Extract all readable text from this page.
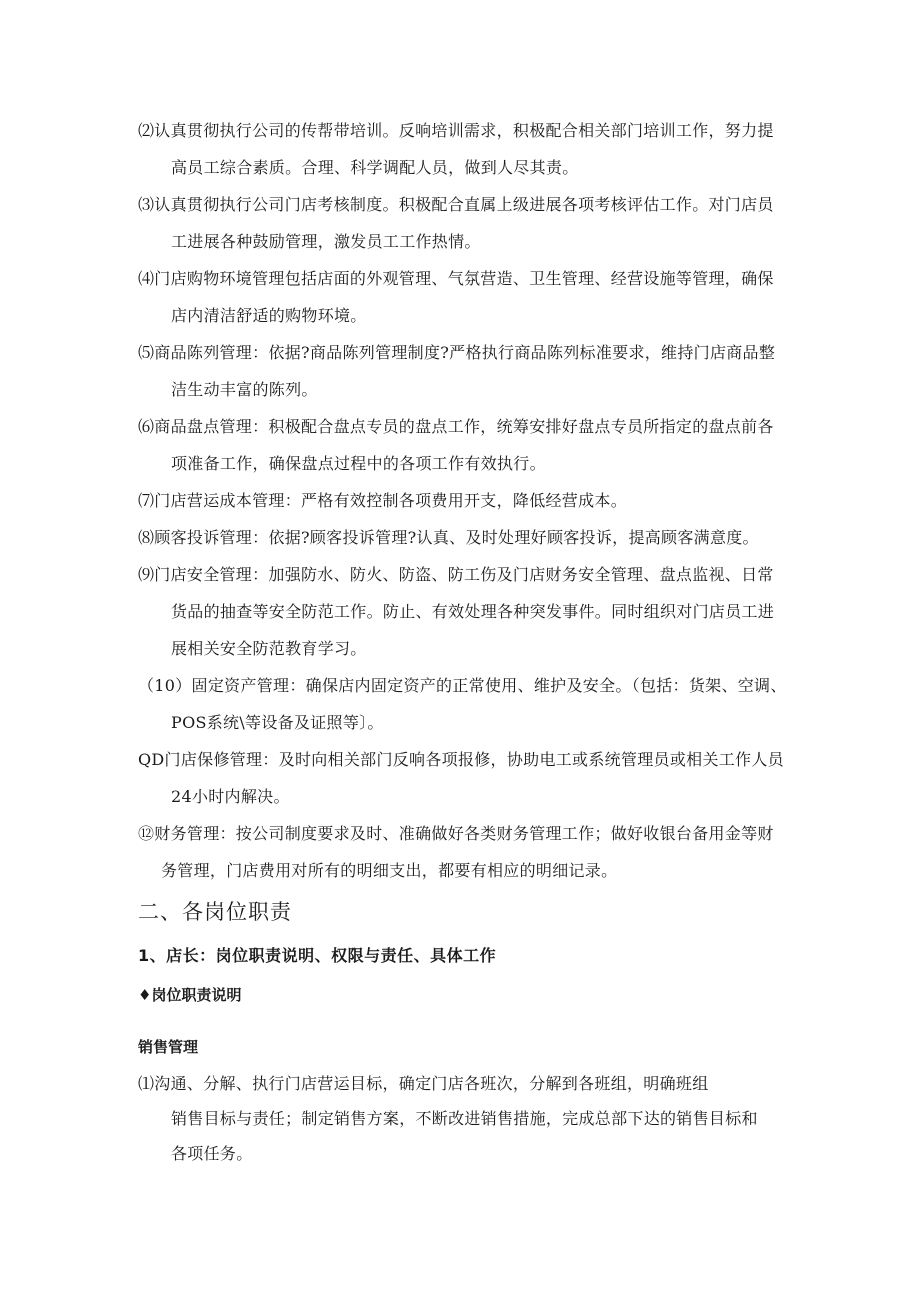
⑵认真贯彻执行公司的传帮带培训。反响培训需求，积极配合相关部门培训工作，努力提高员工综合素质。合理、科学调配人员，做到人尽其责。

⑶认真贯彻执行公司门店考核制度。积极配合直属上级进展各项考核评估工作。对门店员工进展各种鼓励管理，激发员工工作热情。

⑷门店购物环境管理包括店面的外观管理、气氛营造、卫生管理、经营设施等管理，确保店内清洁舒适的购物环境。

⑸商品陈列管理：依据?商品陈列管理制度?严格执行商品陈列标准要求，维持门店商品整洁生动丰富的陈列。

⑹商品盘点管理：积极配合盘点专员的盘点工作，统筹安排好盘点专员所指定的盘点前各项准备工作，确保盘点过程中的各项工作有效执行。

⑺门店营运成本管理：严格有效控制各项费用开支，降低经营成本。

⑻顾客投诉管理：依据?顾客投诉管理?认真、及时处理好顾客投诉，提高顾客满意度。

⑼门店安全管理：加强防水、防火、防盗、防工伤及门店财务安全管理、盘点监视、日常货品的抽查等安全防范工作。防止、有效处理各种突发事件。同时组织对门店员工进展相关安全防范教育学习。

（10）固定资产管理：确保店内固定资产的正常使用、维护及安全。（包括：货架、空调、POS系统\等设备及证照等〕。

QD门店保修管理：及时向相关部门反响各项报修，协助电工或系统管理员或相关工作人员24小时内解决。

⑫财务管理：按公司制度要求及时、准确做好各类财务管理工作；做好收银台备用金等财务管理，门店费用对所有的明细支出，都要有相应的明细记录。

二、各岗位职责
1、店长：岗位职责说明、权限与责任、具体工作
♦岗位职责说明
销售管理

⑴沟通、分解、执行门店营运目标，确定门店各班次，分解到各班组，明确班组

销售目标与责任；制定销售方案，不断改进销售措施，完成总部下达的销售目标和

各项任务。
